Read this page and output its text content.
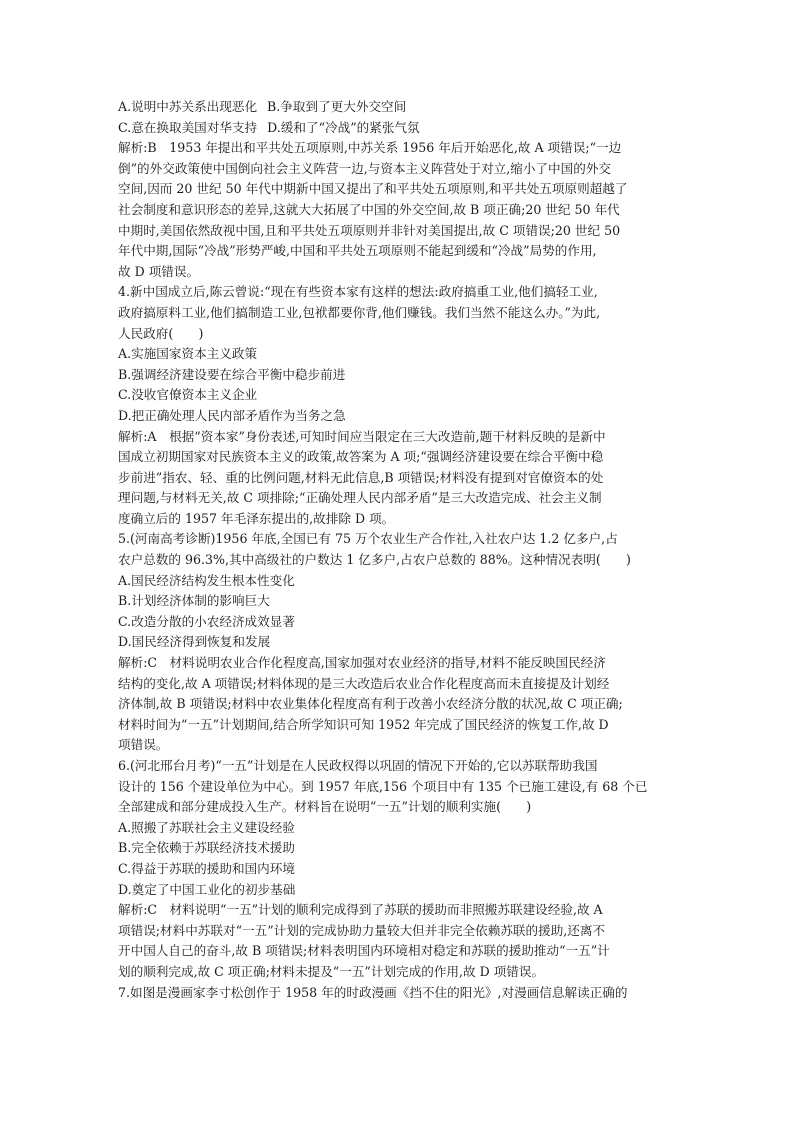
A.说明中苏关系出现恶化 B.争取到了更大外交空间
C.意在换取美国对华支持 D.缓和了“冷战”的紧张气氛
解析:B　1953 年提出和平共处五项原则,中苏关系 1956 年后开始恶化,故 A 项错误;“一边
倒”的外交政策使中国倒向社会主义阵营一边,与资本主义阵营处于对立,缩小了中国的外交
空间,因而 20 世纪 50 年代中期新中国又提出了和平共处五项原则,和平共处五项原则超越了
社会制度和意识形态的差异,这就大大拓展了中国的外交空间,故 B 项正确;20 世纪 50 年代
中期时,美国依然敌视中国,且和平共处五项原则并非针对美国提出,故 C 项错误;20 世纪 50
年代中期,国际“冷战”形势严峻,中国和平共处五项原则不能起到缓和“冷战”局势的作用,
故 D 项错误。
4.新中国成立后,陈云曾说:“现在有些资本家有这样的想法:政府搞重工业,他们搞轻工业,
政府搞原料工业,他们搞制造工业,包袱都要你背,他们赚钱。我们当然不能这么办。”为此,
人民政府(　　)
A.实施国家资本主义政策
B.强调经济建设要在综合平衡中稳步前进
C.没收官僚资本主义企业
D.把正确处理人民内部矛盾作为当务之急
解析:A　根据“资本家”身份表述,可知时间应当限定在三大改造前,题干材料反映的是新中
国成立初期国家对民族资本主义的政策,故答案为 A 项;“强调经济建设要在综合平衡中稳
步前进”指农、轻、重的比例问题,材料无此信息,B 项错误;材料没有提到对官僚资本的处
理问题,与材料无关,故 C 项排除;“正确处理人民内部矛盾”是三大改造完成、社会主义制
度确立后的 1957 年毛泽东提出的,故排除 D 项。
5.(河南高考诊断)1956 年底,全国已有 75 万个农业生产合作社,入社农户达 1.2 亿多户,占
农户总数的 96.3%,其中高级社的户数达 1 亿多户,占农户总数的 88%。这种情况表明(　　)
A.国民经济结构发生根本性变化
B.计划经济体制的影响巨大
C.改造分散的小农经济成效显著
D.国民经济得到恢复和发展
解析:C　材料说明农业合作化程度高,国家加强对农业经济的指导,材料不能反映国民经济
结构的变化,故 A 项错误;材料体现的是三大改造后农业合作化程度高而未直接提及计划经
济体制,故 B 项错误;材料中农业集体化程度高有利于改善小农经济分散的状况,故 C 项正确;
材料时间为“一五”计划期间,结合所学知识可知 1952 年完成了国民经济的恢复工作,故 D
项错误。
6.(河北邢台月考)“一五”计划是在人民政权得以巩固的情况下开始的,它以苏联帮助我国
设计的 156 个建设单位为中心。到 1957 年底,156 个项目中有 135 个已施工建设,有 68 个已
全部建成和部分建成投入生产。材料旨在说明“一五”计划的顺利实施(　　)
A.照搬了苏联社会主义建设经验
B.完全依赖于苏联经济技术援助
C.得益于苏联的援助和国内环境
D.奠定了中国工业化的初步基础
解析:C　材料说明“一五”计划的顺利完成得到了苏联的援助而非照搬苏联建设经验,故 A
项错误;材料中苏联对“一五”计划的完成协助力量较大但并非完全依赖苏联的援助,还离不
开中国人自己的奋斗,故 B 项错误;材料表明国内环境相对稳定和苏联的援助推动“一五”计
划的顺利完成,故 C 项正确;材料未提及“一五”计划完成的作用,故 D 项错误。
7.如图是漫画家李寸松创作于 1958 年的时政漫画《挡不住的阳光》,对漫画信息解读正确的
